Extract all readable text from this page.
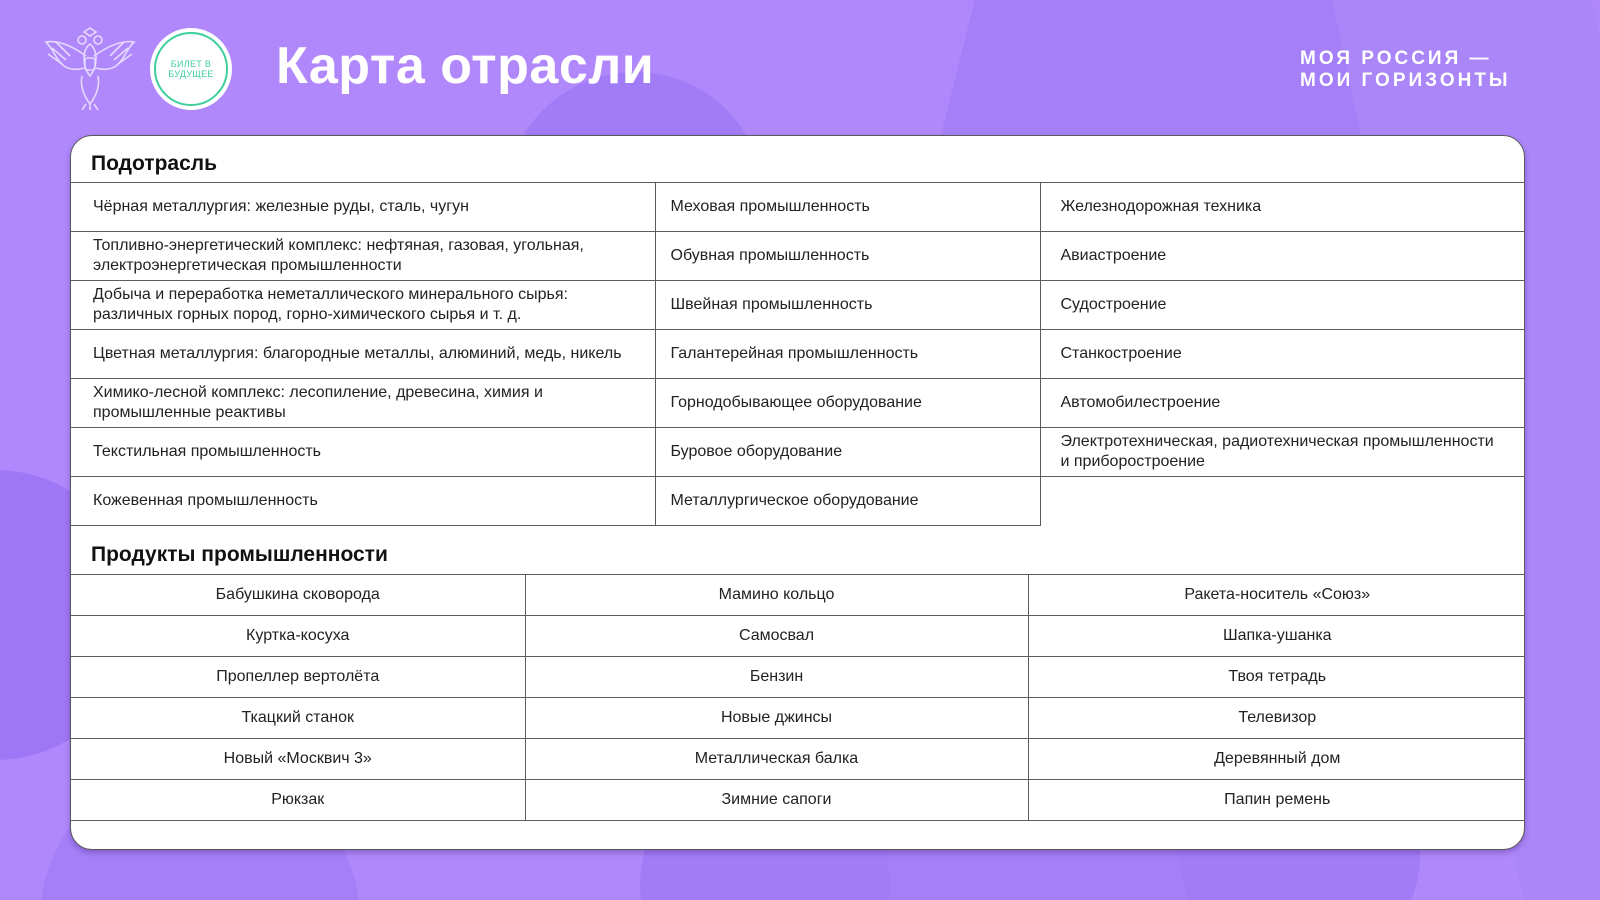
БИЛЕТ В
БУДУЩЕЕ Карта отрасли	МОЯ РОССИЯ —
МОИ ГОРИЗОНТЫ
Подотрасль
Чёрная металлургия: железные руды, сталь, чугун	Меховая промышленность	Железнодорожная техника
Топливно-энергетический комплекс: нефтяная, газовая, угольная, электроэнергетическая промышленности	Обувная промышленность	Авиастроение
Добыча и переработка неметаллического минерального сырья: различных горных пород, горно-химического сырья и т. д.	Швейная промышленность	Судостроение
Цветная металлургия: благородные металлы, алюминий, медь, никель	Галантерейная промышленность	Станкостроение
Химико-лесной комплекс: лесопиление, древесина, химия и промышленные реактивы	Горнодобывающее оборудование	Автомобилестроение
Текстильная промышленность	Буровое оборудование	Электротехническая, радиотехническая промышленности и приборостроение
Кожевенная промышленность	Металлургическое оборудование	
Продукты промышленности
Бабушкина сковорода	Мамино кольцо	Ракета-носитель «Союз»
Куртка-косуха	Самосвал	Шапка-ушанка
Пропеллер вертолёта	Бензин	Твоя тетрадь
Ткацкий станок	Новые джинсы	Телевизор
Новый «Москвич 3»	Металлическая балка	Деревянный дом
Рюкзак	Зимние сапоги	Папин ремень
